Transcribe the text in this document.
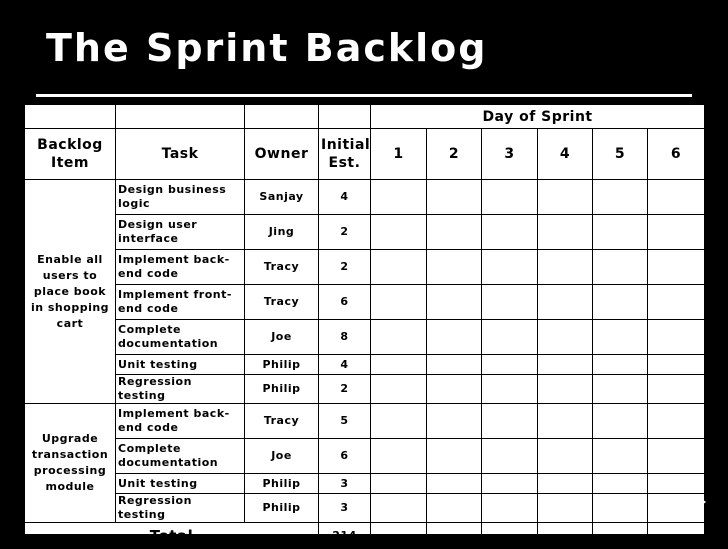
The Sprint Backlog
				Day of Sprint					
Backlog Item	Task	Owner	Initial Est.	1	2	3	4	5	6
Enable all users to place book in shopping cart	Design business logic	Sanjay	4						
	Design user interface	Jing	2						
	Implement back-end code	Tracy	2						
	Implement front-end code	Tracy	6						
	Complete documentation	Joe	8						
	Unit testing	Philip	4						
	Regression testing	Philip	2						
Upgrade transaction processing module	Implement back-end code	Tracy	5						
	Complete documentation	Joe	6						
	Unit testing	Philip	3						
	Regression testing	Philip	3						
Total			214						
